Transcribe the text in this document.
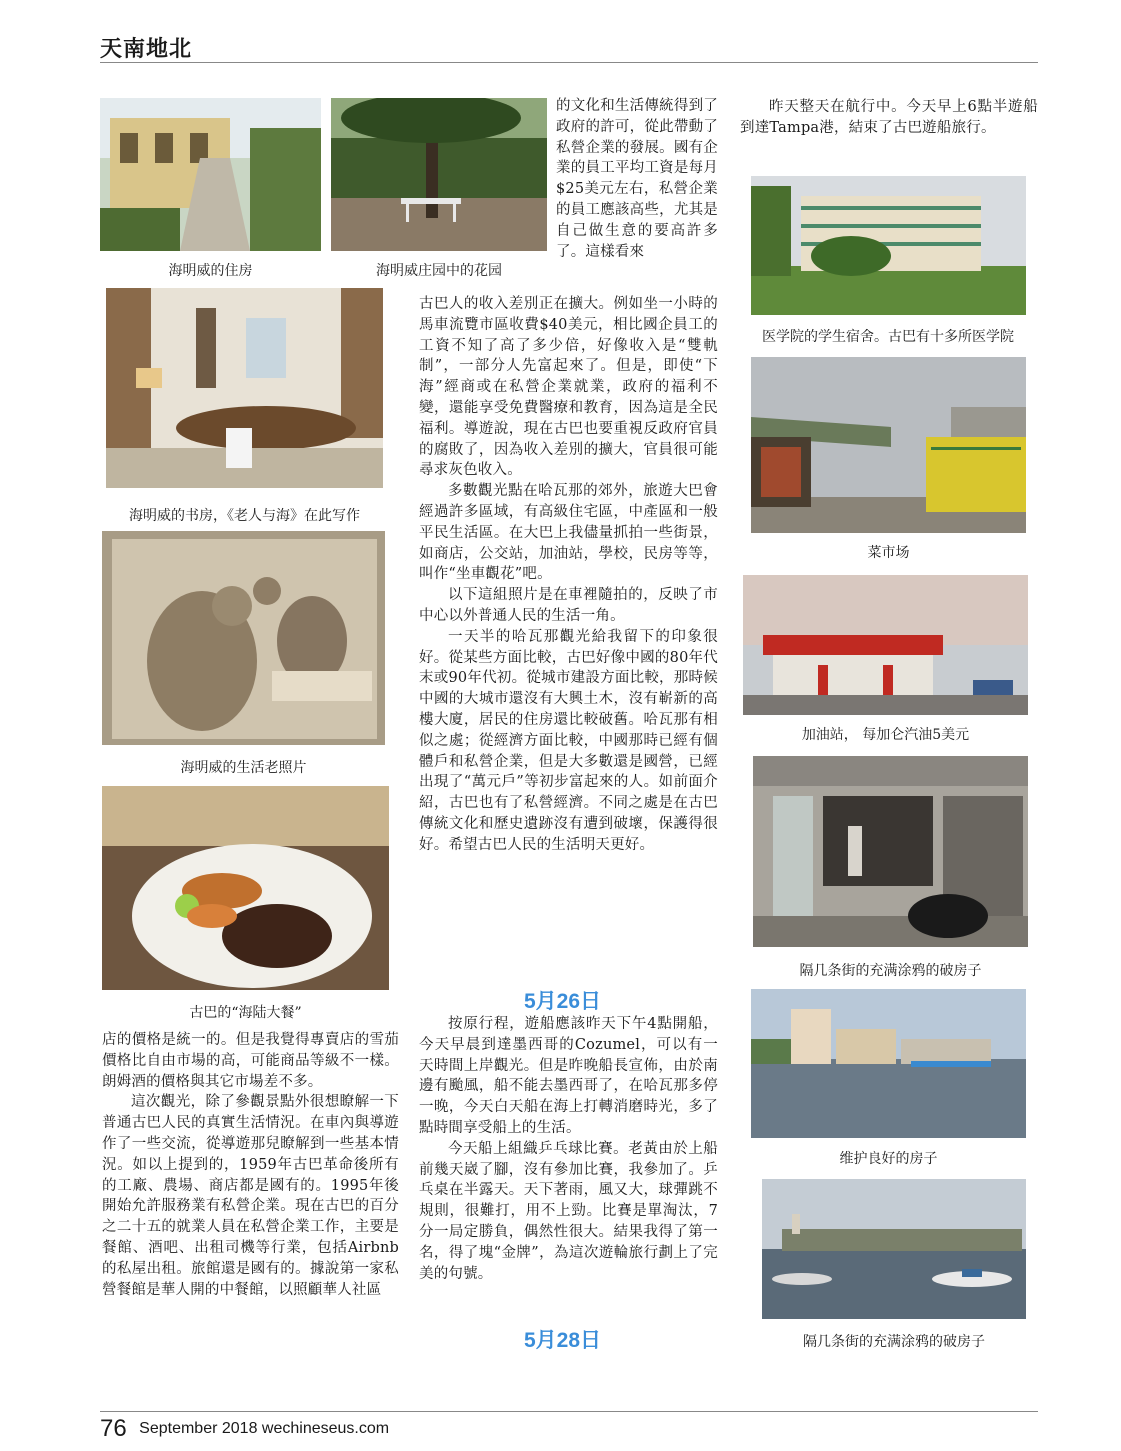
天南地北
海明威的住房	海明威庄园中的花园
海明威的书房，《老人与海》在此写作
海明威的生活老照片
古巴的“海陆大餐”
医学院的学生宿舍。古巴有十多所医学院
菜市场
加油站， 每加仑汽油5美元
隔几条街的充满涂鸦的破房子
维护良好的房子
隔几条街的充满涂鸦的破房子

的文化和生活傳統得到了政府的許可，從此帶動了私營企業的發展。國有企業的員工平均工資是每月$25美元左右，私營企業的員工應該高些，尤其是自己做生意的要高許多了。這樣看來

古巴人的收入差別正在擴大。例如坐一小時的馬車流覽市區收費$40美元，相比國企員工的工資不知了高了多少倍，好像收入是“雙軌制”，一部分人先富起來了。但是，即使“下海”經商或在私營企業就業，政府的福利不變，還能享受免費醫療和教育，因為這是全民福利。導遊說，現在古巴也要重視反政府官員的腐敗了，因為收入差別的擴大，官員很可能尋求灰色收入。

多數觀光點在哈瓦那的郊外，旅遊大巴會經過許多區域，有高級住宅區，中產區和一般平民生活區。在大巴上我儘量抓拍一些街景，如商店，公交站，加油站，學校，民房等等，叫作“坐車觀花”吧。

以下這組照片是在車裡隨拍的，反映了市中心以外普通人民的生活一角。

一天半的哈瓦那觀光給我留下的印象很好。從某些方面比較，古巴好像中國的80年代末或90年代初。從城市建設方面比較，那時候中國的大城市還沒有大興土木，沒有嶄新的高樓大廈，居民的住房還比較破舊。哈瓦那有相似之處；從經濟方面比較，中國那時已經有個體戶和私營企業，但是大多數還是國營，已經出現了“萬元戶”等初步富起來的人。如前面介紹，古巴也有了私營經濟。不同之處是在古巴傳統文化和歷史遺跡沒有遭到破壞，保護得很好。希望古巴人民的生活明天更好。

5月26日

按原行程，遊船應該昨天下午4點開船，今天早晨到達墨西哥的Cozumel，可以有一天時間上岸觀光。但是昨晚船長宣佈，由於南邊有颱風，船不能去墨西哥了，在哈瓦那多停一晚，今天白天船在海上打轉消磨時光，多了點時間享受船上的生活。

今天船上組織乒乓球比賽。老黃由於上船前幾天崴了腳，沒有參加比賽，我參加了。乒乓桌在半露天。天下著雨，風又大，球彈跳不規則，很難打，用不上勁。比賽是單淘汰，7分一局定勝負，偶然性很大。結果我得了第一名，得了塊“金牌”，為這次遊輪旅行劃上了完美的句號。

5月28日

昨天整天在航行中。今天早上6點半遊船到達Tampa港，結束了古巴遊船旅行。

店的價格是統一的。但是我覺得專賣店的雪茄價格比自由市場的高，可能商品等級不一樣。朗姆酒的價格與其它市場差不多。

這次觀光，除了參觀景點外很想瞭解一下普通古巴人民的真實生活情況。在車內與導遊作了一些交流，從導遊那兒瞭解到一些基本情況。如以上提到的，1959年古巴革命後所有的工廠、農場、商店都是國有的。1995年後開始允許服務業有私營企業。現在古巴的百分之二十五的就業人員在私營企業工作，主要是餐館、酒吧、出租司機等行業，包括Airbnb的私屋出租。旅館還是國有的。據說第一家私營餐館是華人開的中餐館，以照顧華人社區

76 September 2018 wechineseus.com
